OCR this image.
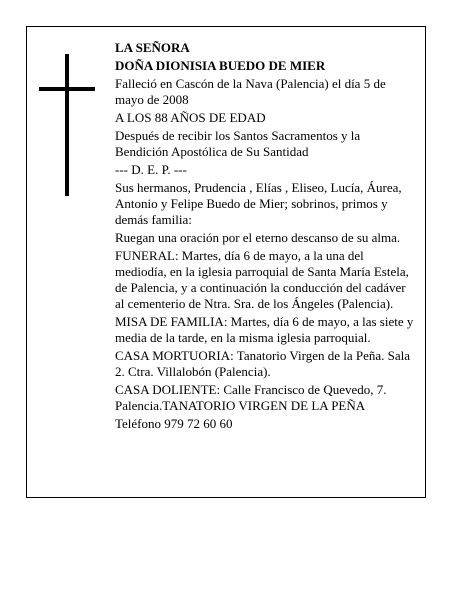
LA SEÑORA

DOÑA DIONISIA BUEDO DE MIER

Falleció en Cascón de la Nava (Palencia) el día 5 de mayo de 2008

A LOS 88 AÑOS DE EDAD

Después de recibir los Santos Sacramentos y la Bendición Apostólica de Su Santidad

--- D. E. P. ---

Sus hermanos, Prudencia , Elías , Eliseo, Lucía, Áurea, Antonio y Felipe Buedo de Mier; sobrinos, primos y demás familia:

Ruegan una oración por el eterno descanso de su alma.

FUNERAL: Martes, día 6 de mayo, a la una del mediodía, en la iglesia parroquial de Santa María Estela, de Palencia, y a continuación la conducción del cadáver al cementerio de Ntra. Sra. de los Ángeles (Palencia).

MISA DE FAMILIA: Martes, día 6 de mayo, a las siete y media de la tarde, en la misma iglesia parroquial.

CASA MORTUORIA: Tanatorio Virgen de la Peña. Sala 2. Ctra. Villalobón (Palencia).

CASA DOLIENTE: Calle Francisco de Quevedo, 7. Palencia.TANATORIO VIRGEN DE LA PEÑA

Teléfono 979 72 60 60
